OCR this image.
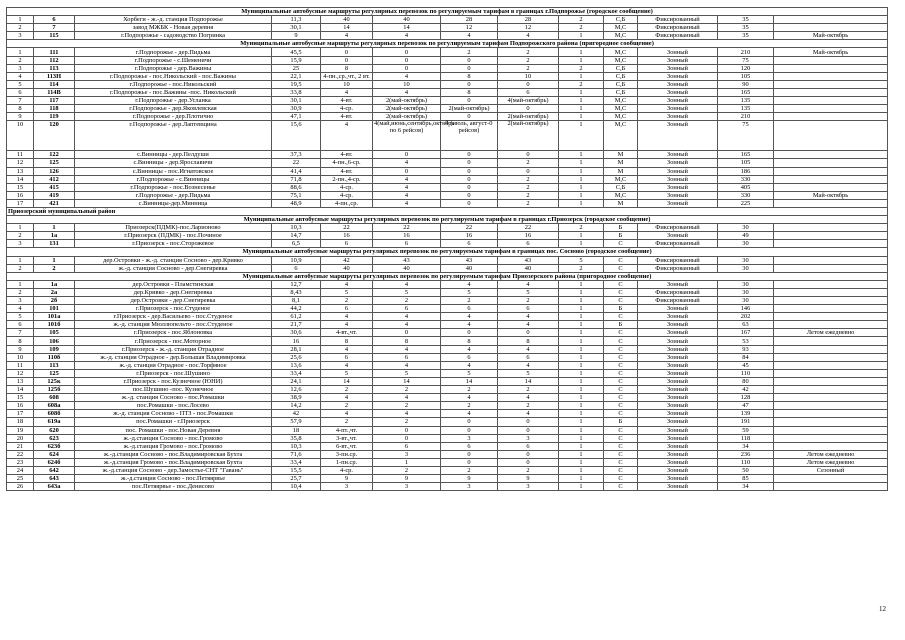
Муниципальные автобусные маршруты регулярных перевозок по регулируемым тарифам в границах г.Подпорожье (городское сообщение)												
1	6	Хорбеги - ж.-д. станция Подпорожье	11,3	40	40	28	28	2	С,Б	Фиксированный	35	
2	7	завод МЖБК - Новая деревня	30,1	14	14	12	12	2	М,С	Фиксированный	35	
3	115	г.Подпорожье - садоводство Погринка	9	4	4	4	4	1	М,С	Фиксированный	35	Май-октябрь
Муниципальные автобусные маршруты регулярных перевозок по регулируемым тарифам Подпорожского района (пригородное сообщение)												
1	111	г.Подпорожье - дер.Пидьма	45,5	0	0	2	2	1	М,С	Зонный	210	Май-октябрь
2	112	г.Подпорожье - с.Шеменичи	15,9	0	0	0	2	1	М,С	Зонный	75	
3	113	г.Подпорожье - дер.Важины	25	8	0	0	2	2	С,Б	Зонный	120	
4	113Н	г.Подпорожье - пос.Никольский - пос.Важины	22,1	4-пн.,ср.,чт., 2 вт.	4	8	10	1	С,Б	Зонный	105	
5	114	г.Подпорожье - пос.Никольский	19,5	10	10	0	0	2	С,Б	Зонный	90	
6	114В	г.Подпорожье - пос.Важины -пос. Никольский	33,8	4	4	8	6	1	С,Б	Зонный	165	
7	117	г.Подпорожье - дер.Усланка	30,1	4-вт.	2(май-октябрь)	0	4(май-октябрь)	1	М,С	Зонный	135	
8	118	г.Подпорожье - дер.Яковлевская	30,9	4-ср.	2(май-октябрь)	2(май-октябрь)	0	1	М,С	Зонный	135	
9	119	г.Подпорожье - дер.Плотично	47,1	4-вт.	2(май-октябрь)	0	2(май-октябрь)	1	М,С	Зонный	210	
10	120	г.Подпорожье - дер.Лаптевщина	15,6	4	4(май,июнь,сентябрь,октябрь по 6 рейсов)	4 (июль, август-0 рейсов)	2(май-октябрь)	1	М,С	Зонный	75	
11	122	с.Винницы - дер.Пелдуши	37,3	4-вт.	0	0	0	1	М	Зонный	165	
12	125	с.Винницы - дер.Ярославичи	22	4-пн.,6-ср.	4	0	2	1	М	Зонный	105	
13	126	с.Винницы - пос.Игнатовское	41,4	4-вт.	0	0	0	1	М	Зонный	186	
14	412	г.Подпорожье - с.Винницы	71,8	2-пн.,4-ср.	4	0	2	1	М,С	Зонный	330	
15	415	г.Подпорожье - пос.Вознесенье	88,6	4-ср.	4	0	2	1	С,Б	Зонный	405	
16	419	г.Подпорожье - дер.Пидьма	75,1	4-ср.	4	0	2	1	М,С	Зонный	330	Май-октябрь
17	421	с.Винницы-дер.Минница	48,9	4-пн.,ср.	4	0	2	1	М	Зонный	225	
Приозерский муниципальный район												
Муниципальные автобусные маршруты регулярных перевозок по регулируемым тарифам в границах г.Приозерск (городское сообщение)												
1	1	Приозерск(ПДМК)-пос.Ларионово	10,3	22	22	22	22	2	Б	Фиксированный	30	
2	1а	г.Приозерск (ПДМК) - пос.Починое	14,7	16	16	16	16	1	Б	Зонный	49	
3	131	г.Приозерск - пос.Сторожевое	6,5	6	6	6	6	1	С	Фиксированный	30	
Муниципальные автобусные маршруты регулярных перевозок по регулируемым тарифам в границах пос. Сосново (городское сообщение)												
1	1	дер.Островки - ж.-д. станция Сосново - дер.Кривко	10,9	42	43	43	43	5	С	Фиксированный	30	
2	2	ж.-д. станция Сосново - дер.Снегиревка	6	40	40	40	40	2	С	Фиксированный	30	
Муниципальные автобусные маршруты регулярных перевозок по регулируемым тарифам Приозерского района (пригородное сообщение)												
1	1а	дер.Островки - Пламстинская	12,7	4	4	4	4	1	С	Зонный	30	
2	2а	дер.Кривко - дер.Снегиревка	8,43	5	5	5	5	1	С	Фиксированный	30	
3	2б	дер.Островки - дер.Снегиревка	8,1	2	2	2	2	1	С	Фиксированный	30	
4	101	г.Приозерск - пос.Студеное	44,2	6	6	6	6	1	Б	Зонный	146	
5	101а	г.Приозерск - дер.Васильево - пос.Студеное	61,2	4	4	4	4	1	С	Зонный	202	
6	101б	ж.-д. станция Мюллюпельто - пос.Студеное	21,7	4	4	4	4	1	Б	Зонный	63	
7	105	г.Приозерск - пос.Яблоновка	30,6	4-вт.,чт.	0	0	0	1	С	Зонный	167	Летом ежедневно
8	106	г.Приозерск - пос.Моторное	16	8	8	8	8	1	С	Зонный	53	
9	109	г.Приозерск - ж.-д. станция Отрадное	28,1	4	4	4	4	1	С	Зонный	93	
10	110б	ж.-д. станция Отрадное - дер.Большая Владимировка	25,6	6	6	6	6	1	С	Зонный	84	
11	113	ж.-д. станция Отрадное - пос.Торфяное	13,6	4	4	4	4	1	С	Зонный	45	
12	125	г.Приозерск - пос.Шушино	33,4	5	5	5	5	1	С	Зонный	110	
13	125к	г.Приозерск - пос.Кузнечное (ЮНИ)	24,1	14	14	14	14	1	С	Зонный	80	
14	125б	пос.Шушино -пос. Кузнечное	12,6	2	2	2	2	1	С	Зонный	42	
15	608	ж.-д. станция Сосново - пос.Ромашки	38,9	4	4	4	4	1	С	Зонный	128	
16	608а	пос.Ромашки - пос.Лосево	14,2	2	2	2	2	1	С	Зонный	47	
17	608б	ж.-д. станция Сосново - ПТЗ - пос.Ромашки	42	4	4	4	4	1	С	Зонный	139	
18	619а	пос.Ромашки - г.Приозерск	57,9	2	2	0	0	1	Б	Зонный	191	
19	620	пос. Ромашки - пос.Новая Деревня	18	4-пт.,чт.	0	0	0	1	С	Зонный	59	
20	623	ж.-д.станция Сосново - пос.Громово	35,8	3-вт.,чт.	0	3	3	1	С	Зонный	118	
21	623б	ж.-д.станция Громово - пос.Громово	10,3	6-вт.,чт.	6	6	6	1	С	Зонный	34	
22	624	ж.-д.станция Сосново - пос.Владимировская Бухта	71,6	3-пн.ср.	3	0	0	1	С	Зонный	236	Летом ежедневно
23	624б	ж.-д.станция Громово - пос.Владимировская Бухта	33,4	1-пн.ср.	1	0	0	1	С	Зонный	110	Летом ежедневно
24	642	ж.-д.станция Сосново - дер.Замостье-СНТ "Гавань"	15,5	4-ср.	2	2	2	1	С	Зонный	50	Сезонный
25	643	ж.-д.станция Сосново - пос.Петяярвье	25,7	9	9	9	9	1	С	Зонный	85	
26	643а	пос.Петяярвье - пос.Денисово	10,4	3	3	3	3	1	С	Зонный	34	
12
